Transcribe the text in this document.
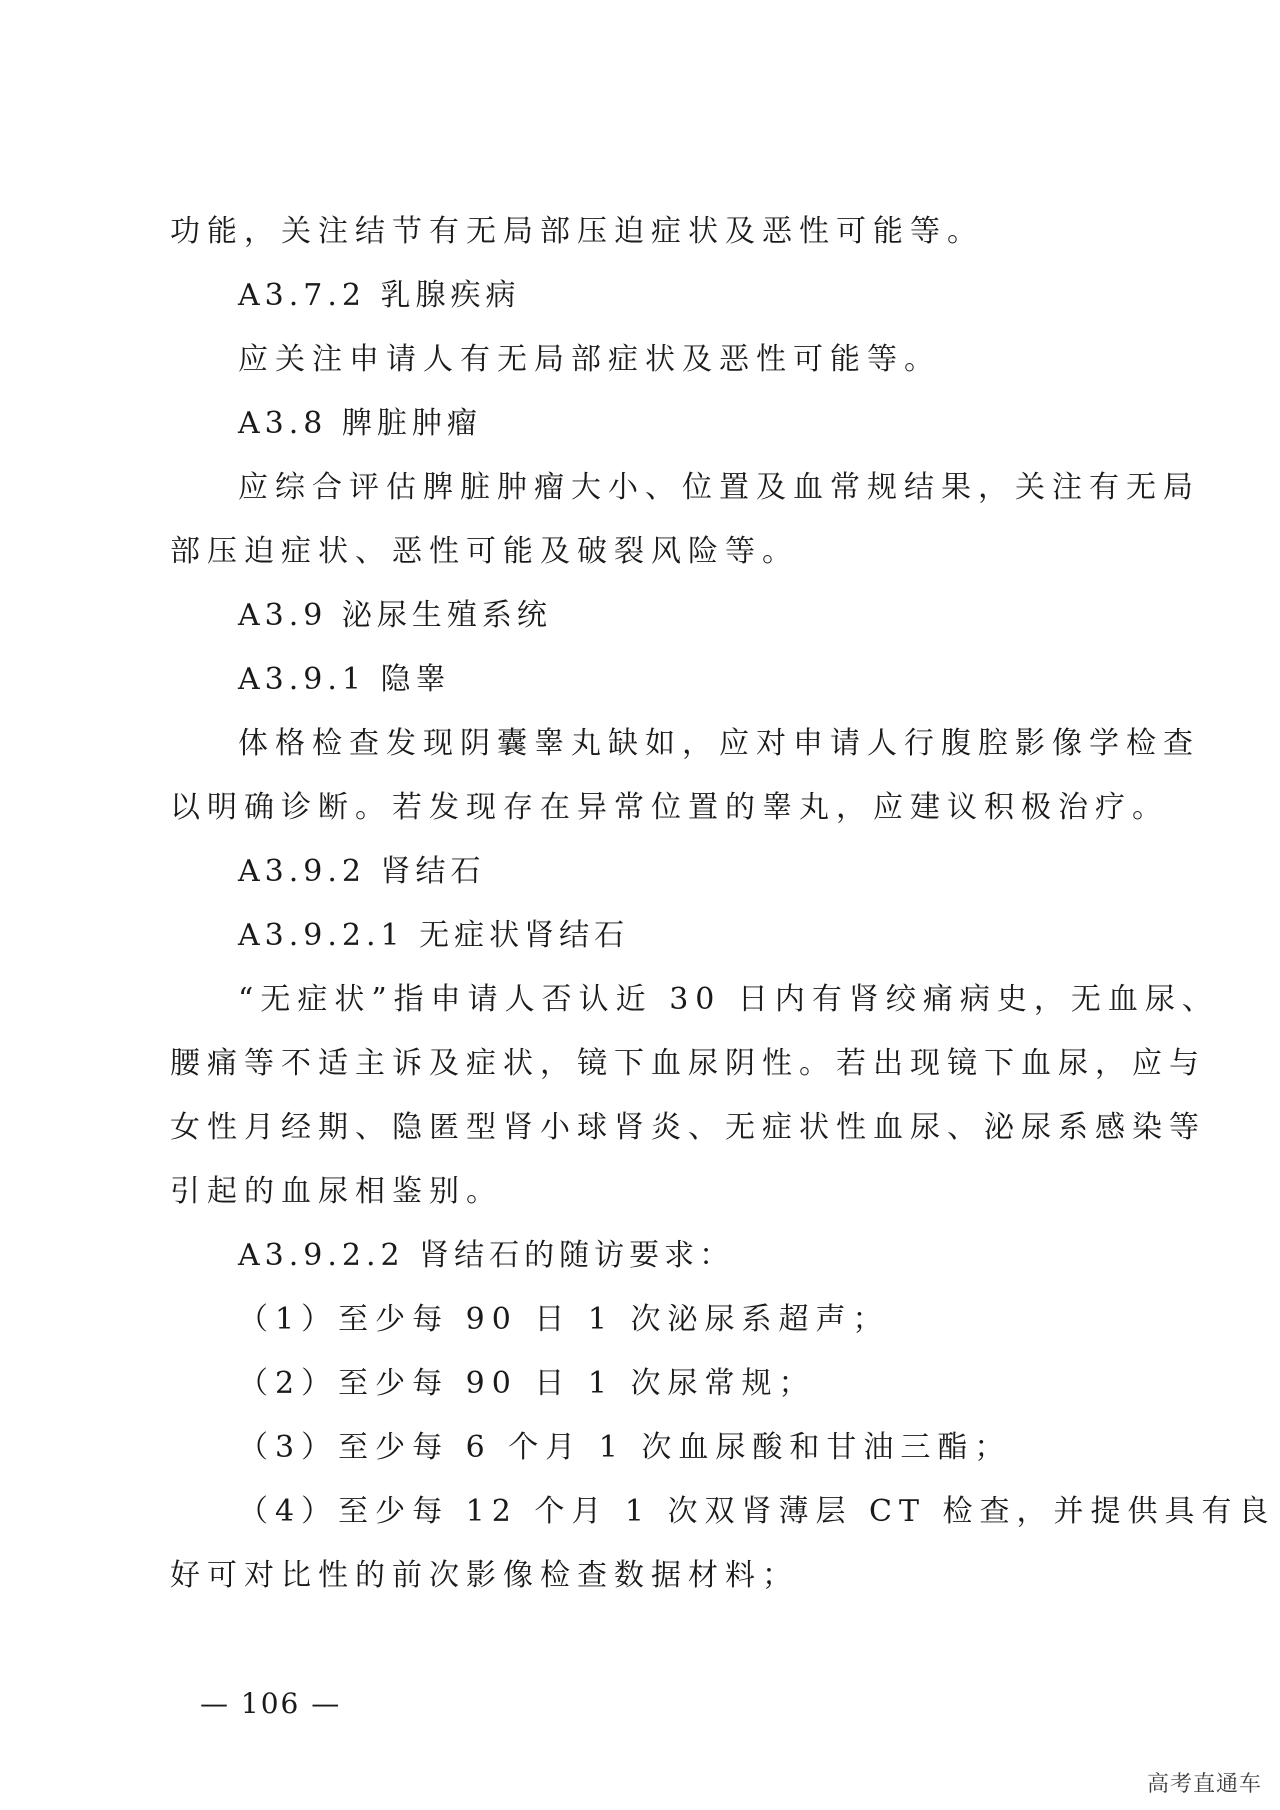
功能，关注结节有无局部压迫症状及恶性可能等。
A3.7.2 乳腺疾病
应关注申请人有无局部症状及恶性可能等。
A3.8 脾脏肿瘤
应综合评估脾脏肿瘤大小、位置及血常规结果，关注有无局
部压迫症状、恶性可能及破裂风险等。
A3.9 泌尿生殖系统
A3.9.1 隐睾
体格检查发现阴囊睾丸缺如，应对申请人行腹腔影像学检查
以明确诊断。若发现存在异常位置的睾丸，应建议积极治疗。
A3.9.2 肾结石
A3.9.2.1 无症状肾结石
“无症状”指申请人否认近 30 日内有肾绞痛病史，无血尿、
腰痛等不适主诉及症状，镜下血尿阴性。若出现镜下血尿，应与
女性月经期、隐匿型肾小球肾炎、无症状性血尿、泌尿系感染等
引起的血尿相鉴别。
A3.9.2.2 肾结石的随访要求：
（1）至少每 90 日 1 次泌尿系超声；
（2）至少每 90 日 1 次尿常规；
（3）至少每 6 个月 1 次血尿酸和甘油三酯；
（4）至少每 12 个月 1 次双肾薄层 CT 检查，并提供具有良
好可对比性的前次影像检查数据材料；
— 106 —
高考直通车
